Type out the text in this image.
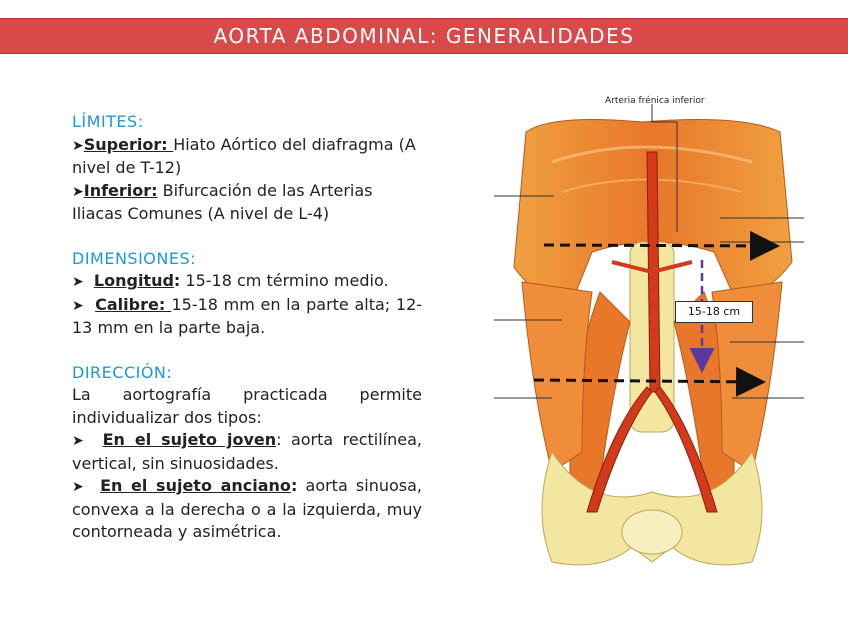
AORTA ABDOMINAL: GENERALIDADES
LÍMITES:
➤Superior: Hiato Aórtico del diafragma (A nivel de T-12)
➤Inferior: Bifurcación de las Arterias Iliacas Comunes (A nivel de L-4)
DIMENSIONES:
➤ Longitud: 15-18 cm término medio.
➤ Calibre: 15-18 mm en la parte alta; 12-13 mm en la parte baja.
DIRECCIÓN:
La aortografía practicada permite individualizar dos tipos:
➤ En el sujeto joven: aorta rectilínea, vertical, sin sinuosidades.
➤ En el sujeto anciano: aorta sinuosa, convexa a la derecha o a la izquierda, muy contorneada y asimétrica.
Arteria frénica inferior
15-18 cm
